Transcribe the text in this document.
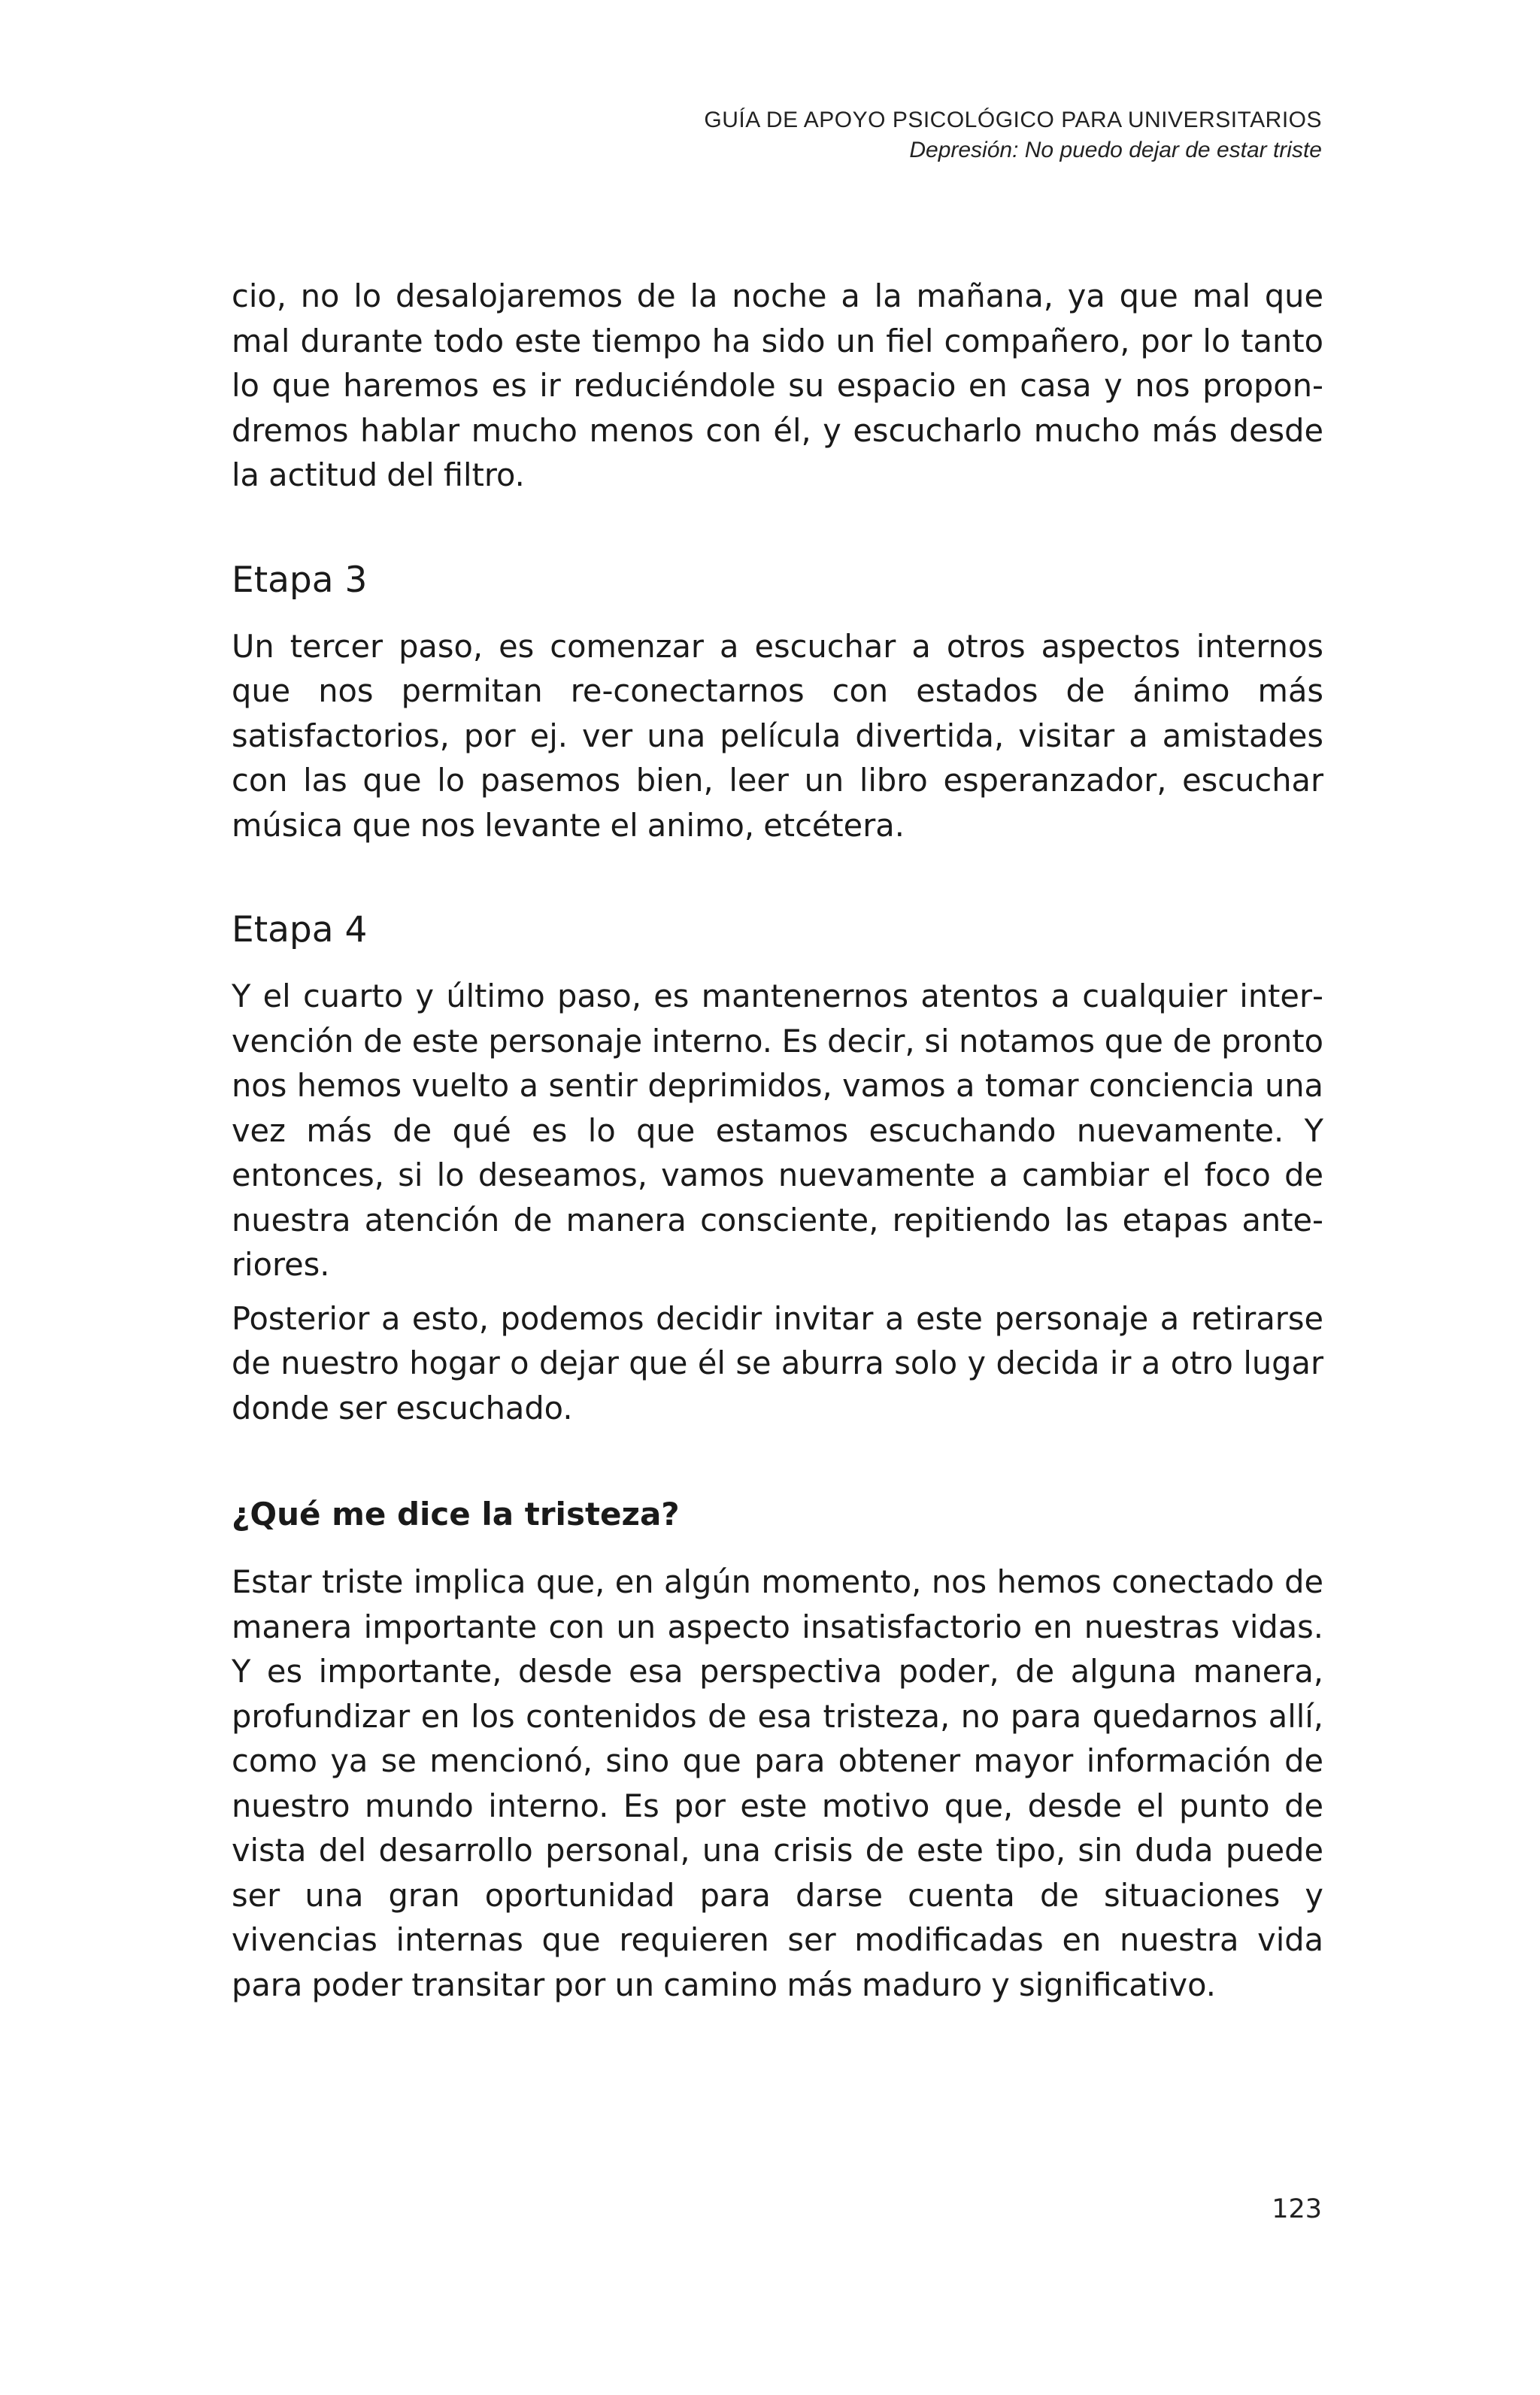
GUÍA DE APOYO PSICOLÓGICO PARA UNIVERSITARIOS
Depresión: No puedo dejar de estar triste

cio, no lo desalojaremos de la noche a la mañana, ya que mal que mal durante todo este tiempo ha sido un fiel compañero, por lo tanto lo que haremos es ir reduciéndole su espacio en casa y nos propondremos hablar mucho menos con él, y escucharlo mucho más desde la actitud del filtro.

Etapa 3

Un tercer paso, es comenzar a escuchar a otros aspectos internos que nos permitan re-conectarnos con estados de ánimo más satisfactorios, por ej. ver una película divertida, visitar a amistades con las que lo pasemos bien, leer un libro esperanzador, escuchar música que nos levante el animo, etcétera.

Etapa 4

Y el cuarto y último paso, es mantenernos atentos a cualquier intervención de este personaje interno. Es decir, si notamos que de pronto nos hemos vuelto a sentir deprimidos, vamos a tomar conciencia una vez más de qué es lo que estamos escuchando nuevamente. Y entonces, si lo deseamos, vamos nuevamente a cambiar el foco de nuestra atención de manera consciente, repitiendo las etapas anteriores.

Posterior a esto, podemos decidir invitar a este personaje a retirarse de nuestro hogar o dejar que él se aburra solo y decida ir a otro lugar donde ser escuchado.

¿Qué me dice la tristeza?

Estar triste implica que, en algún momento, nos hemos conectado de manera importante con un aspecto insatisfactorio en nuestras vidas. Y es importante, desde esa perspectiva poder, de alguna manera, profundizar en los contenidos de esa tristeza, no para quedarnos allí, como ya se mencionó, sino que para obtener mayor información de nuestro mundo interno. Es por este motivo que, desde el punto de vista del desarrollo personal, una crisis de este tipo, sin duda puede ser una gran oportunidad para darse cuenta de situaciones y vivencias internas que requieren ser modificadas en nuestra vida para poder transitar por un camino más maduro y significativo.

123
